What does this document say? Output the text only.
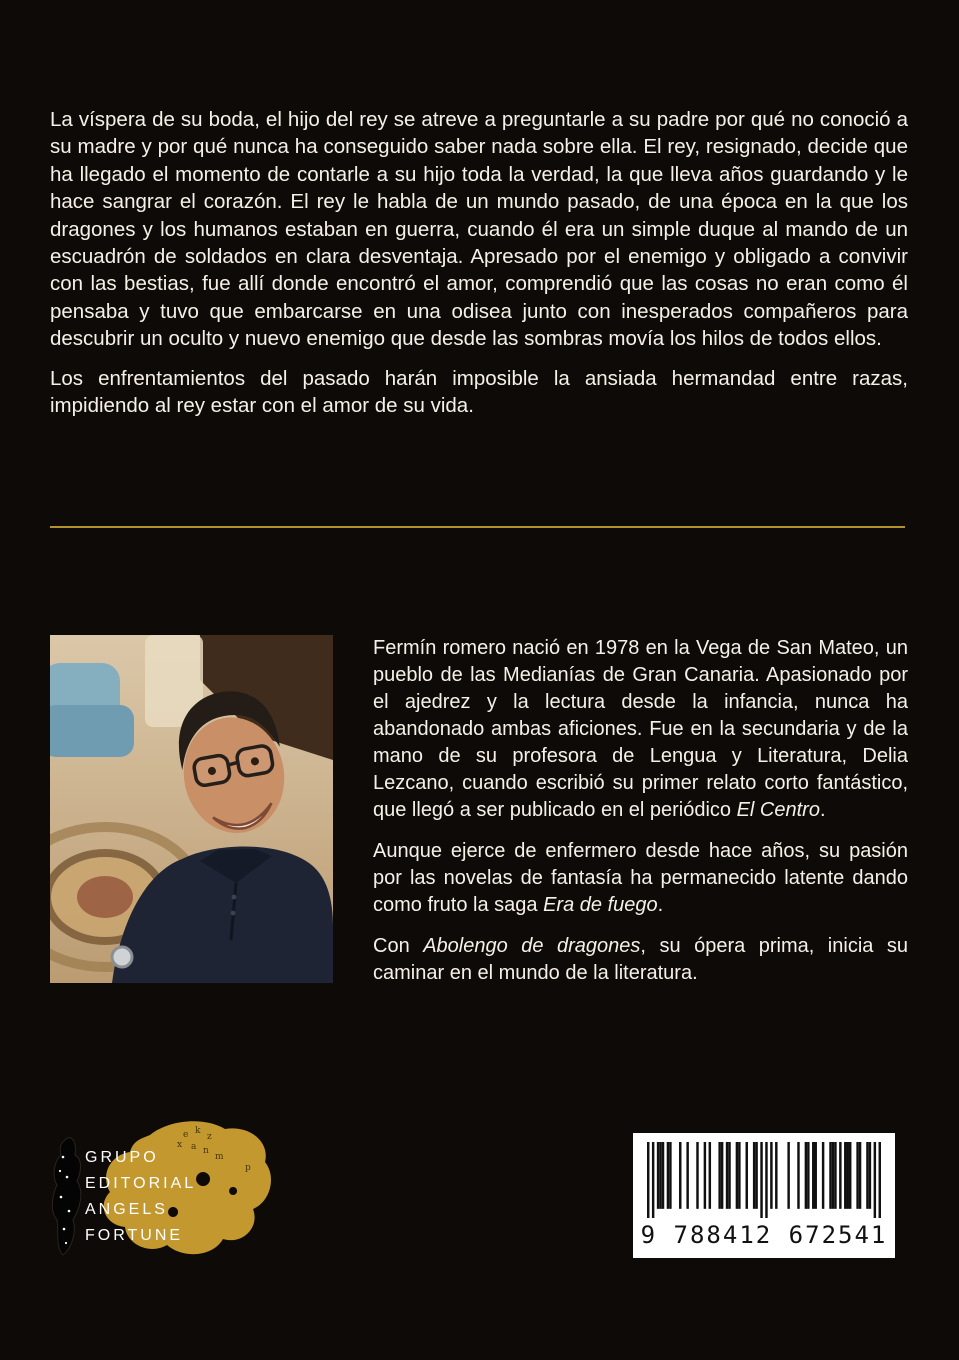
La víspera de su boda, el hijo del rey se atreve a preguntarle a su padre por qué no conoció a su madre y por qué nunca ha conseguido saber nada sobre ella. El rey, resignado, decide que ha llegado el momento de contarle a su hijo toda la verdad, la que lleva años guardando y le hace sangrar el corazón. El rey le habla de un mundo pasado, de una época en la que los dragones y los humanos estaban en guerra, cuando él era un simple duque al mando de un escuadrón de soldados en clara desventaja. Apresado por el enemigo y obligado a convivir con las bestias, fue allí donde encontró el amor, comprendió que las cosas no eran como él pensaba y tuvo que embarcarse en una odisea junto con inesperados compañeros para descubrir un oculto y nuevo enemigo que desde las sombras movía los hilos de todos ellos.

Los enfrentamientos del pasado harán imposible la ansiada hermandad entre razas, impidiendo al rey estar con el amor de su vida.

Fermín romero nació en 1978 en la Vega de San Mateo, un pueblo de las Medianías de Gran Canaria. Apasionado por el ajedrez y la lectura desde la infancia, nunca ha abandonado ambas aficiones. Fue en la secundaria y de la mano de su profesora de Lengua y Literatura, Delia Lezcano, cuando escribió su primer relato corto fantástico, que llegó a ser publicado en el periódico El Centro.

Aunque ejerce de enfermero desde hace años, su pasión por las novelas de fantasía ha permanecido latente dando como fruto la saga Era de fuego.

Con Abolengo de dragones, su ópera prima, inicia su caminar en el mundo de la literatura.

e k
z
x a n
m
p
GRUPO
EDITORIAL
ANGELS
FORTUNE	9 788412 672541
